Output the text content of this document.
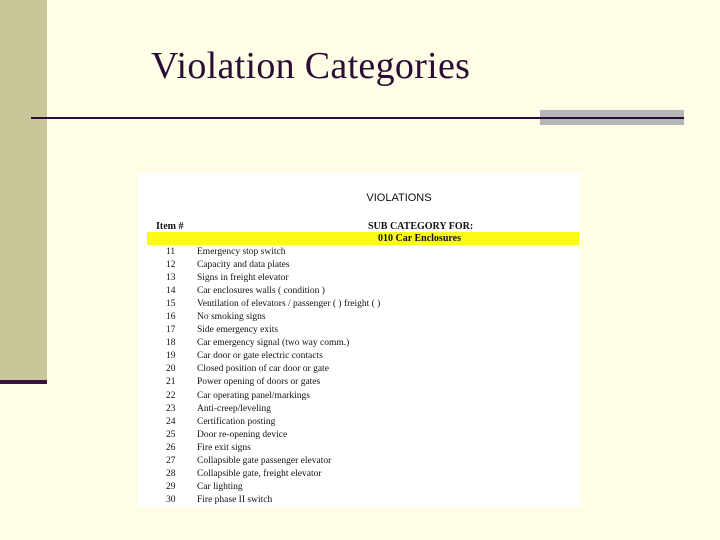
Violation Categories
VIOLATIONS
Item #	SUB CATEGORY FOR:
010 Car Enclosures
11 Emergency stop switch
12 Capacity and data plates
13 Signs in freight elevator
14 Car enclosures walls ( condition )
15 Ventilation of elevators / passenger ( ) freight ( )
16 No smoking signs
17 Side emergency exits
18 Car emergency signal (two way comm.)
19 Car door or gate electric contacts
20 Closed position of car door or gate
21 Power opening of doors or gates
22 Car operating panel/markings
23 Anti-creep/leveling
24 Certification posting
25 Door re-opening device
26 Fire exit signs
27 Collapsible gate passenger elevator
28 Collapsible gate, freight elevator
29 Car lighting
30 Fire phase II switch
